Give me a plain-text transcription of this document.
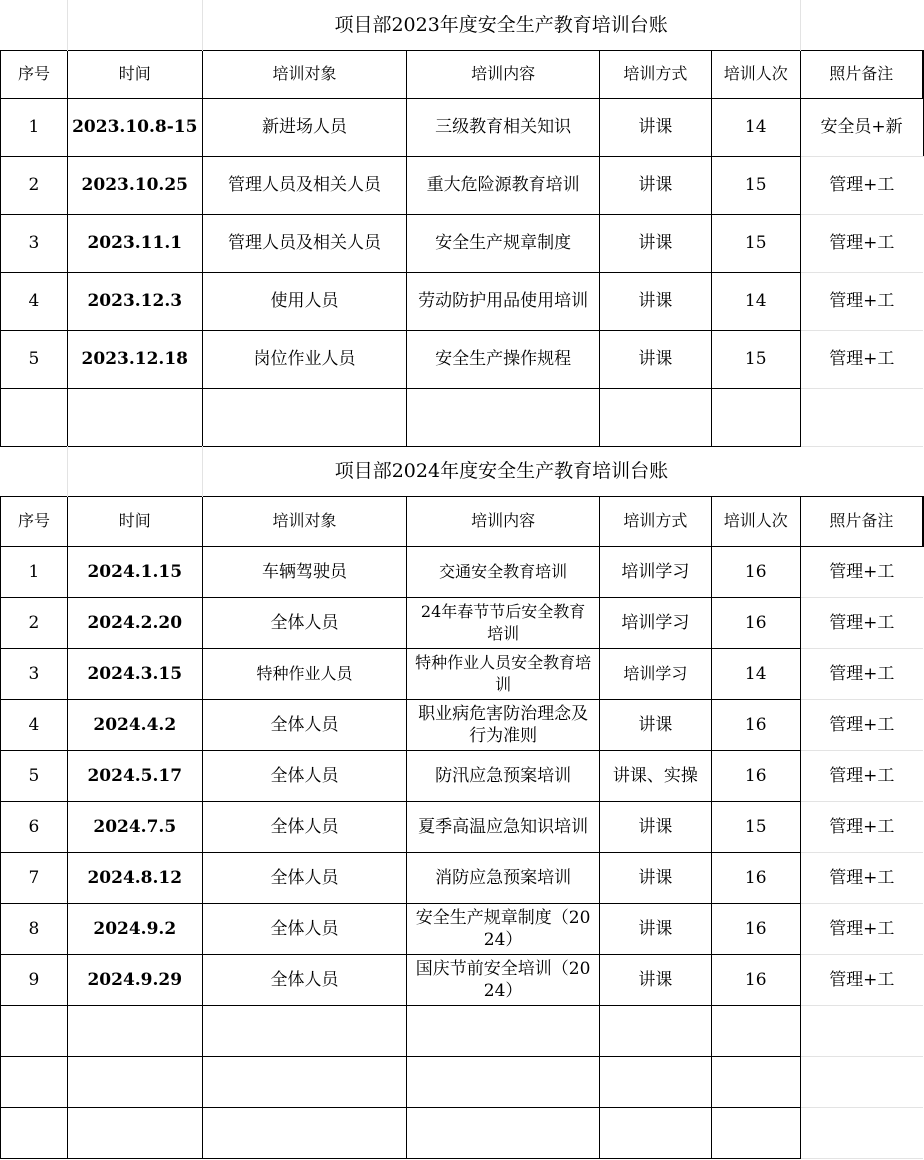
		项目部2023年度安全生产教育培训台账				
序号	时间	培训对象	培训内容	培训方式	培训人次	照片备注
1	2023.10.8-15	新进场人员	三级教育相关知识	讲课	14	安全员+新
2	2023.10.25	管理人员及相关人员	重大危险源教育培训	讲课	15	管理+工
3	2023.11.1	管理人员及相关人员	安全生产规章制度	讲课	15	管理+工
4	2023.12.3	使用人员	劳动防护用品使用培训	讲课	14	管理+工
5	2023.12.18	岗位作业人员	安全生产操作规程	讲课	15	管理+工

		项目部2024年度安全生产教育培训台账				
序号	时间	培训对象	培训内容	培训方式	培训人次	照片备注
1	2024.1.15	车辆驾驶员	交通安全教育培训	培训学习	16	管理+工
2	2024.2.20	全体人员	24年春节节后安全教育培训	培训学习	16	管理+工
3	2024.3.15	特种作业人员	特种作业人员安全教育培训	培训学习	14	管理+工
4	2024.4.2	全体人员	职业病危害防治理念及行为准则	讲课	16	管理+工
5	2024.5.17	全体人员	防汛应急预案培训	讲课、实操	16	管理+工
6	2024.7.5	全体人员	夏季高温应急知识培训	讲课	15	管理+工
7	2024.8.12	全体人员	消防应急预案培训	讲课	16	管理+工
8	2024.9.2	全体人员	安全生产规章制度（2024）	讲课	16	管理+工
9	2024.9.29	全体人员	国庆节前安全培训（2024）	讲课	16	管理+工
